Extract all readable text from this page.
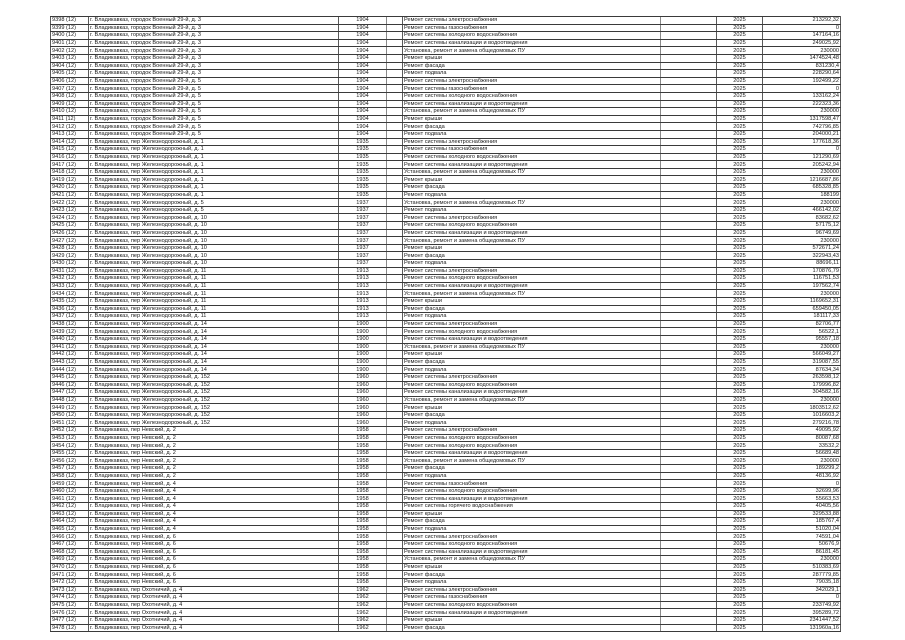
9398 (12)	г. Владикавказ, городок Военный 29-й, д. 3	1904		Ремонт системы электроснабжения		2025	213292,32
9399 (12)	г. Владикавказ, городок Военный 29-й, д. 3	1904		Ремонт системы газоснабжения		2025	0
9400 (12)	г. Владикавказ, городок Военный 29-й, д. 3	1904		Ремонт системы холодного водоснабжения		2025	147164,16
9401 (12)	г. Владикавказ, городок Военный 29-й, д. 3	1904		Ремонт системы канализации и водоотведения		2025	249025,92
9402 (12)	г. Владикавказ, городок Военный 29-й, д. 3	1904		Установка, ремонт и замена общедомовых ПУ		2025	230000
9403 (12)	г. Владикавказ, городок Военный 29-й, д. 3	1904		Ремонт крыши		2025	1474524,48
9404 (12)	г. Владикавказ, городок Военный 29-й, д. 3	1904		Ремонт фасада		2025	831230,4
9405 (12)	г. Владикавказ, городок Военный 29-й, д. 3	1904		Ремонт подвала		2025	228290,64
9406 (12)	г. Владикавказ, городок Военный 29-й, д. 5	1904		Ремонт системы электроснабжения		2025	192499,22
9407 (12)	г. Владикавказ, городок Военный 29-й, д. 5	1904		Ремонт системы газоснабжения		2025	0
9408 (12)	г. Владикавказ, городок Военный 29-й, д. 5	1904		Ремонт системы холодного водоснабжения		2025	133162,24
9409 (12)	г. Владикавказ, городок Военный 29-й, д. 5	1904		Ремонт системы канализации и водоотведения		2025	222323,36
9410 (12)	г. Владикавказ, городок Военный 29-й, д. 5	1904		Установка, ремонт и замена общедомовых ПУ		2025	230000
9411 (12)	г. Владикавказ, городок Военный 29-й, д. 5	1904		Ремонт крыши		2025	1317598,47
9412 (12)	г. Владикавказ, городок Военный 29-й, д. 5	1904		Ремонт фасада		2025	742796,85
9413 (12)	г. Владикавказ, городок Военный 29-й, д. 5	1904		Ремонт подвала		2025	204000,21
9414 (12)	г. Владикавказ, пер Железнодорожный, д. 1	1935		Ремонт системы электроснабжения		2025	177618,36
9415 (12)	г. Владикавказ, пер Железнодорожный, д. 1	1935		Ремонт системы газоснабжения		2025	0
9416 (12)	г. Владикавказ, пер Железнодорожный, д. 1	1935		Ремонт системы холодного водоснабжения		2025	121290,69
9417 (12)	г. Владикавказ, пер Железнодорожный, д. 1	1935		Ремонт системы канализации и водоотведения		2025	205242,94
9418 (12)	г. Владикавказ, пер Железнодорожный, д. 1	1935		Установка, ремонт и замена общедомовых ПУ		2025	230000
9419 (12)	г. Владикавказ, пер Железнодорожный, д. 1	1935		Ремонт крыши		2025	1216687,86
9420 (12)	г. Владикавказ, пер Железнодорожный, д. 1	1935		Ремонт фасада		2025	685328,85
9421 (12)	г. Владикавказ, пер Железнодорожный, д. 1	1935		Ремонт подвала		2025	188199
9422 (12)	г. Владикавказ, пер Железнодорожный, д. 5	1937		Установка, ремонт и замена общедомовых ПУ		2025	230000
9423 (12)	г. Владикавказ, пер Железнодорожный, д. 5	1937		Ремонт подвала		2025	466142,02
9424 (12)	г. Владикавказ, пер Железнодорожный, д. 10	1937		Ремонт системы электроснабжения		2025	83682,62
9425 (12)	г. Владикавказ, пер Железнодорожный, д. 10	1937		Ремонт системы холодного водоснабжения		2025	57175,12
9426 (12)	г. Владикавказ, пер Железнодорожный, д. 10	1937		Ремонт системы канализации и водоотведения		2025	96749,69
9427 (12)	г. Владикавказ, пер Железнодорожный, д. 10	1937		Установка, ремонт и замена общедомовых ПУ		2025	230000
9428 (12)	г. Владикавказ, пер Железнодорожный, д. 10	1937		Ремонт крыши		2025	572671,24
9429 (12)	г. Владикавказ, пер Железнодорожный, д. 10	1937		Ремонт фасада		2025	322943,43
9430 (12)	г. Владикавказ, пер Железнодорожный, д. 10	1937		Ремонт подвала		2025	88696,11
9431 (12)	г. Владикавказ, пер Железнодорожный, д. 11	1913		Ремонт системы электроснабжения		2025	170876,79
9432 (12)	г. Владикавказ, пер Железнодорожный, д. 11	1913		Ремонт системы холодного водоснабжения		2025	116751,53
9433 (12)	г. Владикавказ, пер Железнодорожный, д. 11	1913		Ремонт системы канализации и водоотведения		2025	197562,74
9434 (12)	г. Владикавказ, пер Железнодорожный, д. 11	1913		Установка, ремонт и замена общедомовых ПУ		2025	230000
9435 (12)	г. Владикавказ, пер Железнодорожный, д. 11	1913		Ремонт крыши		2025	1169652,31
9436 (12)	г. Владикавказ, пер Железнодорожный, д. 11	1913		Ремонт фасада		2025	659450,05
9437 (12)	г. Владикавказ, пер Железнодорожный, д. 11	1913		Ремонт подвала		2025	181117,33
9438 (12)	г. Владикавказ, пер Железнодорожный, д. 14	1900		Ремонт системы электроснабжения		2025	82706,77
9439 (12)	г. Владикавказ, пер Железнодорожный, д. 14	1900		Ремонт системы холодного водоснабжения		2025	56522,1
9440 (12)	г. Владикавказ, пер Железнодорожный, д. 14	1900		Ремонт системы канализации и водоотведения		2025	95557,18
9441 (12)	г. Владикавказ, пер Железнодорожный, д. 14	1900		Установка, ремонт и замена общедомовых ПУ		2025	230000
9442 (12)	г. Владикавказ, пер Железнодорожный, д. 14	1900		Ремонт крыши		2025	566049,27
9443 (12)	г. Владикавказ, пер Железнодорожный, д. 14	1900		Ремонт фасада		2025	319087,55
9444 (12)	г. Владикавказ, пер Железнодорожный, д. 14	1900		Ремонт подвала		2025	87634,34
9445 (12)	г. Владикавказ, пер Железнодорожный, д. 152	1960		Ремонт системы электроснабжения		2025	263598,12
9446 (12)	г. Владикавказ, пер Железнодорожный, д. 152	1960		Ремонт системы холодного водоснабжения		2025	179996,82
9447 (12)	г. Владикавказ, пер Железнодорожный, д. 152	1960		Ремонт системы канализации и водоотведения		2025	304582,16
9448 (12)	г. Владикавказ, пер Железнодорожный, д. 152	1960		Установка, ремонт и замена общедомовых ПУ		2025	230000
9449 (12)	г. Владикавказ, пер Железнодорожный, д. 152	1960		Ремонт крыши		2025	1803512,62
9450 (12)	г. Владикавказ, пер Железнодорожный, д. 152	1960		Ремонт фасада		2025	1016603,2
9451 (12)	г. Владикавказ, пер Железнодорожный, д. 152	1960		Ремонт подвала		2025	279216,78
9452 (12)	г. Владикавказ, пер Невский, д. 2	1958		Ремонт системы электроснабжения		2025	49095,92
9453 (12)	г. Владикавказ, пер Невский, д. 2	1958		Ремонт системы холодного водоснабжения		2025	80087,68
9454 (12)	г. Владикавказ, пер Невский, д. 2	1958		Ремонт системы холодного водоснабжения		2025	33532,2
9455 (12)	г. Владикавказ, пер Невский, д. 2	1958		Ремонт системы канализации и водоотведения		2025	56689,48
9456 (12)	г. Владикавказ, пер Невский, д. 2	1958		Установка, ремонт и замена общедомовых ПУ		2025	230000
9457 (12)	г. Владикавказ, пер Невский, д. 2	1958		Ремонт фасада		2025	189299,2
9458 (12)	г. Владикавказ, пер Невский, д. 2	1958		Ремонт подвала		2025	48136,92
9459 (12)	г. Владикавказ, пер Невский, д. 4	1958		Ремонт системы газоснабжения		2025	0
9460 (12)	г. Владикавказ, пер Невский, д. 4	1958		Ремонт системы холодного водоснабжения		2025	32699,96
9461 (12)	г. Владикавказ, пер Невский, д. 4	1958		Ремонт системы канализации и водоотведения		2025	55663,53
9462 (12)	г. Владикавказ, пер Невский, д. 4	1958		Ремонт системы горячего водоснабжения		2025	40405,56
9463 (12)	г. Владикавказ, пер Невский, д. 4	1958		Ремонт крыши		2025	329533,88
9464 (12)	г. Владикавказ, пер Невский, д. 4	1958		Ремонт фасада		2025	185767,4
9465 (12)	г. Владикавказ, пер Невский, д. 4	1958		Ремонт подвала		2025	51020,04
9466 (12)	г. Владикавказ, пер Невский, д. 6	1958		Ремонт системы электроснабжения		2025	74591,04
9467 (12)	г. Владикавказ, пер Невский, д. 6	1958		Ремонт системы холодного водоснабжения		2025	50676,9
9468 (12)	г. Владикавказ, пер Невский, д. 6	1958		Ремонт системы канализации и водоотведения		2025	86181,45
9469 (12)	г. Владикавказ, пер Невский, д. 6	1958		Установка, ремонт и замена общедомовых ПУ		2025	230000
9470 (12)	г. Владикавказ, пер Невский, д. 6	1958		Ремонт крыши		2025	510383,69
9471 (12)	г. Владикавказ, пер Невский, д. 6	1958		Ремонт фасада		2025	287779,85
9472 (12)	г. Владикавказ, пер Невский, д. 6	1958		Ремонт подвала		2025	79035,18
9473 (12)	г. Владикавказ, пер Охотничий, д. 4	1962		Ремонт системы электроснабжения		2025	342029,1
9474 (12)	г. Владикавказ, пер Охотничий, д. 4	1962		Ремонт системы газоснабжения		2025	0
9475 (12)	г. Владикавказ, пер Охотничий, д. 4	1962		Ремонт системы холодного водоснабжения		2025	233749,92
9476 (12)	г. Владикавказ, пер Охотничий, д. 4	1962		Ремонт системы канализации и водоотведения		2025	395289,72
9477 (12)	г. Владикавказ, пер Охотничий, д. 4	1962		Ремонт крыши		2025	2341447,52
9478 (12)	г. Владикавказ, пер Охотничий, д. 4	1962		Ремонт фасада		2025	131960a,16
